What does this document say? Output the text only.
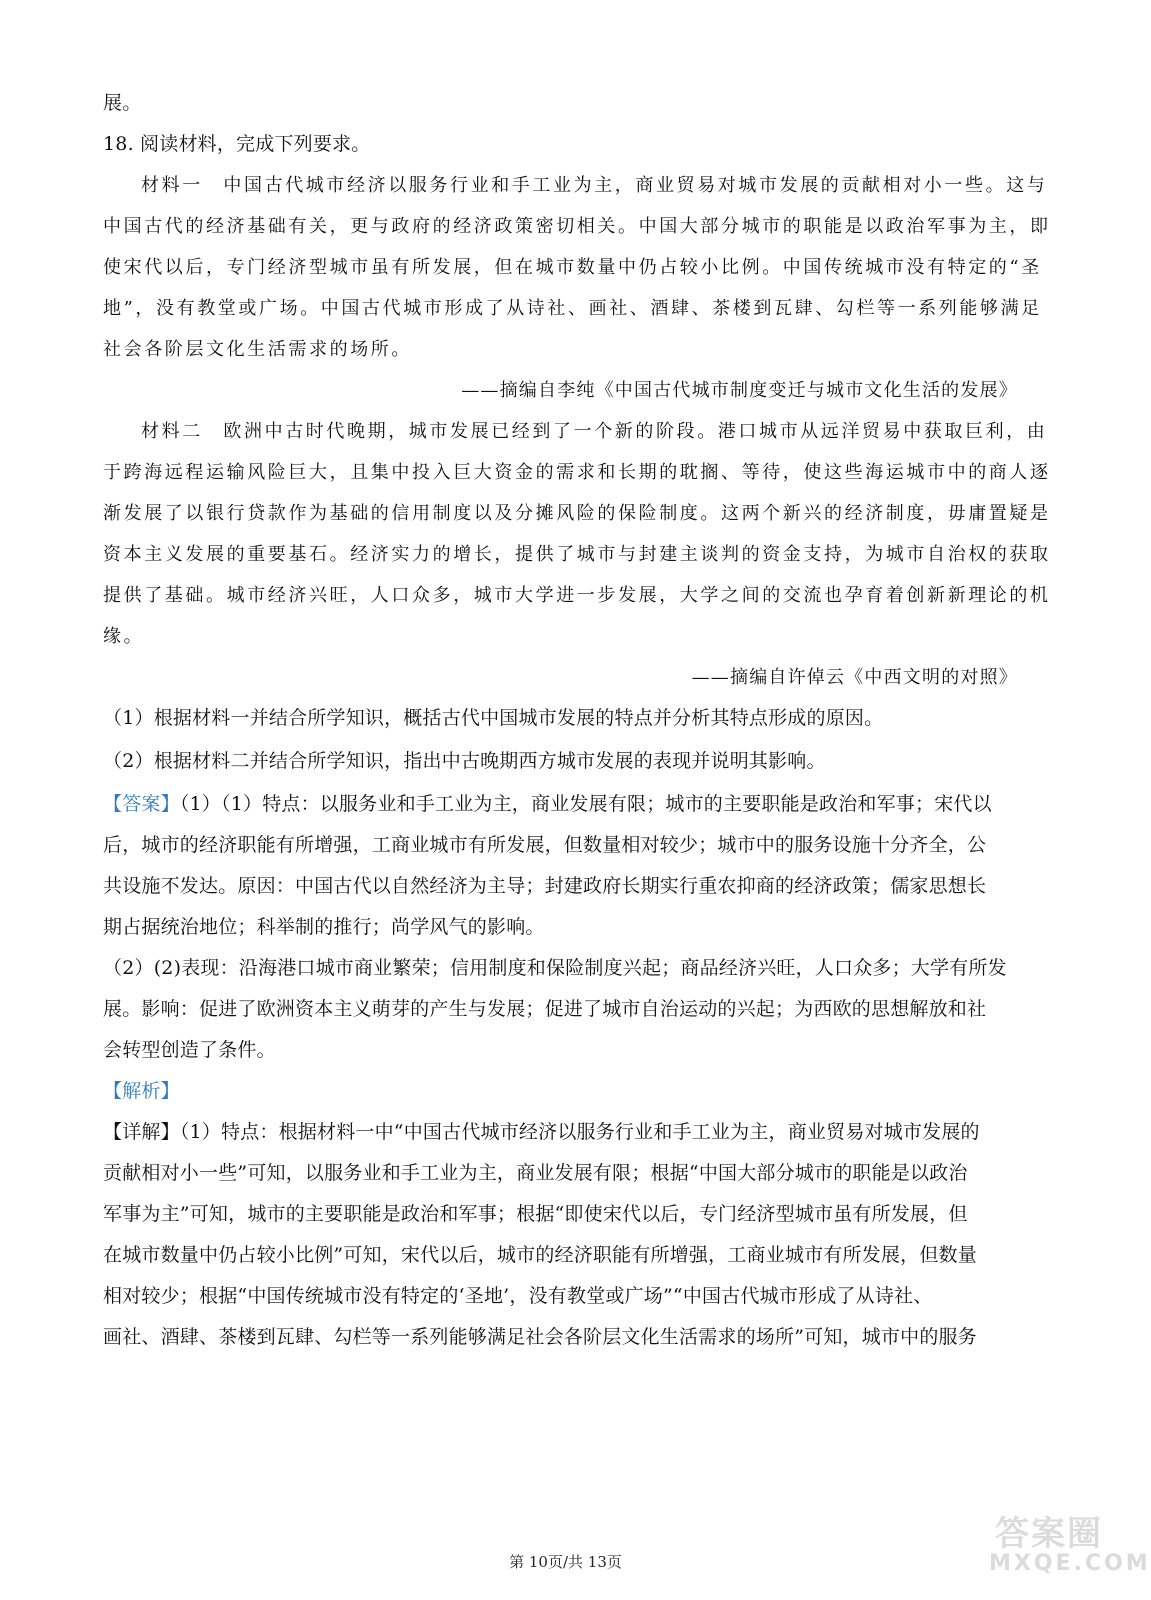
展。
18. 阅读材料，完成下列要求。
材料一　中国古代城市经济以服务行业和手工业为主，商业贸易对城市发展的贡献相对小一些。这与
中国古代的经济基础有关，更与政府的经济政策密切相关。中国大部分城市的职能是以政治军事为主，即
使宋代以后，专门经济型城市虽有所发展，但在城市数量中仍占较小比例。中国传统城市没有特定的“圣
地”，没有教堂或广场。中国古代城市形成了从诗社、画社、酒肆、茶楼到瓦肆、勾栏等一系列能够满足
社会各阶层文化生活需求的场所。
——摘编自李纯《中国古代城市制度变迁与城市文化生活的发展》
材料二　欧洲中古时代晚期，城市发展已经到了一个新的阶段。港口城市从远洋贸易中获取巨利，由
于跨海远程运输风险巨大，且集中投入巨大资金的需求和长期的耽搁、等待，使这些海运城市中的商人逐
渐发展了以银行贷款作为基础的信用制度以及分摊风险的保险制度。这两个新兴的经济制度，毋庸置疑是
资本主义发展的重要基石。经济实力的增长，提供了城市与封建主谈判的资金支持，为城市自治权的获取
提供了基础。城市经济兴旺，人口众多，城市大学进一步发展，大学之间的交流也孕育着创新新理论的机
缘。
——摘编自许倬云《中西文明的对照》
（1）根据材料一并结合所学知识，概括古代中国城市发展的特点并分析其特点形成的原因。
（2）根据材料二并结合所学知识，指出中古晚期西方城市发展的表现并说明其影响。
【答案】（1）（1）特点：以服务业和手工业为主，商业发展有限；城市的主要职能是政治和军事；宋代以
后，城市的经济职能有所增强，工商业城市有所发展，但数量相对较少；城市中的服务设施十分齐全，公
共设施不发达。原因：中国古代以自然经济为主导；封建政府长期实行重农抑商的经济政策；儒家思想长
期占据统治地位；科举制的推行；尚学风气的影响。
（2）(2)表现：沿海港口城市商业繁荣；信用制度和保险制度兴起；商品经济兴旺，人口众多；大学有所发
展。影响：促进了欧洲资本主义萌芽的产生与发展；促进了城市自治运动的兴起；为西欧的思想解放和社
会转型创造了条件。
【解析】
【详解】（1）特点：根据材料一中“中国古代城市经济以服务行业和手工业为主，商业贸易对城市发展的
贡献相对小一些”可知，以服务业和手工业为主，商业发展有限；根据“中国大部分城市的职能是以政治
军事为主”可知，城市的主要职能是政治和军事；根据“即使宋代以后，专门经济型城市虽有所发展，但
在城市数量中仍占较小比例”可知，宋代以后，城市的经济职能有所增强，工商业城市有所发展，但数量
相对较少；根据“中国传统城市没有特定的‘圣地’，没有教堂或广场”“中国古代城市形成了从诗社、
画社、酒肆、茶楼到瓦肆、勾栏等一系列能够满足社会各阶层文化生活需求的场所”可知，城市中的服务
第 10页/共 13页
答案圈
MXQE.COM
